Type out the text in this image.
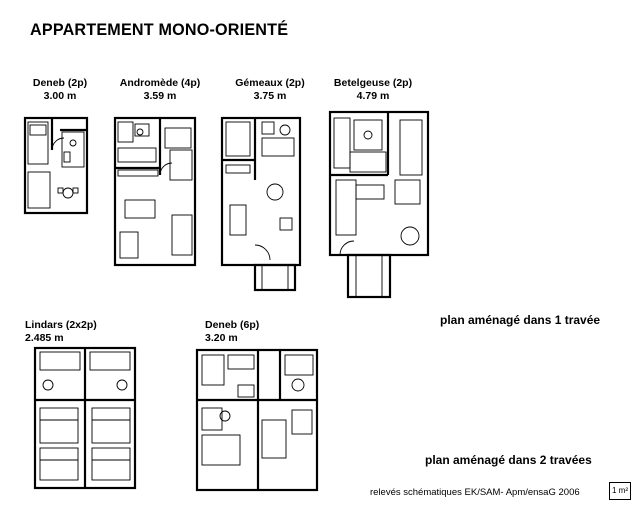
APPARTEMENT MONO-ORIENTÉ
Deneb (2p)
3.00 m
Andromède (4p)
3.59 m
Gémeaux (2p)
3.75 m
Betelgeuse (2p)
4.79 m
Lindars (2x2p)
2.485 m
Deneb (6p)
3.20 m
plan aménagé dans 1 travée
plan aménagé dans 2 travées
relevés schématiques EK/SAM- Apm/ensaG 2006	1 m²
